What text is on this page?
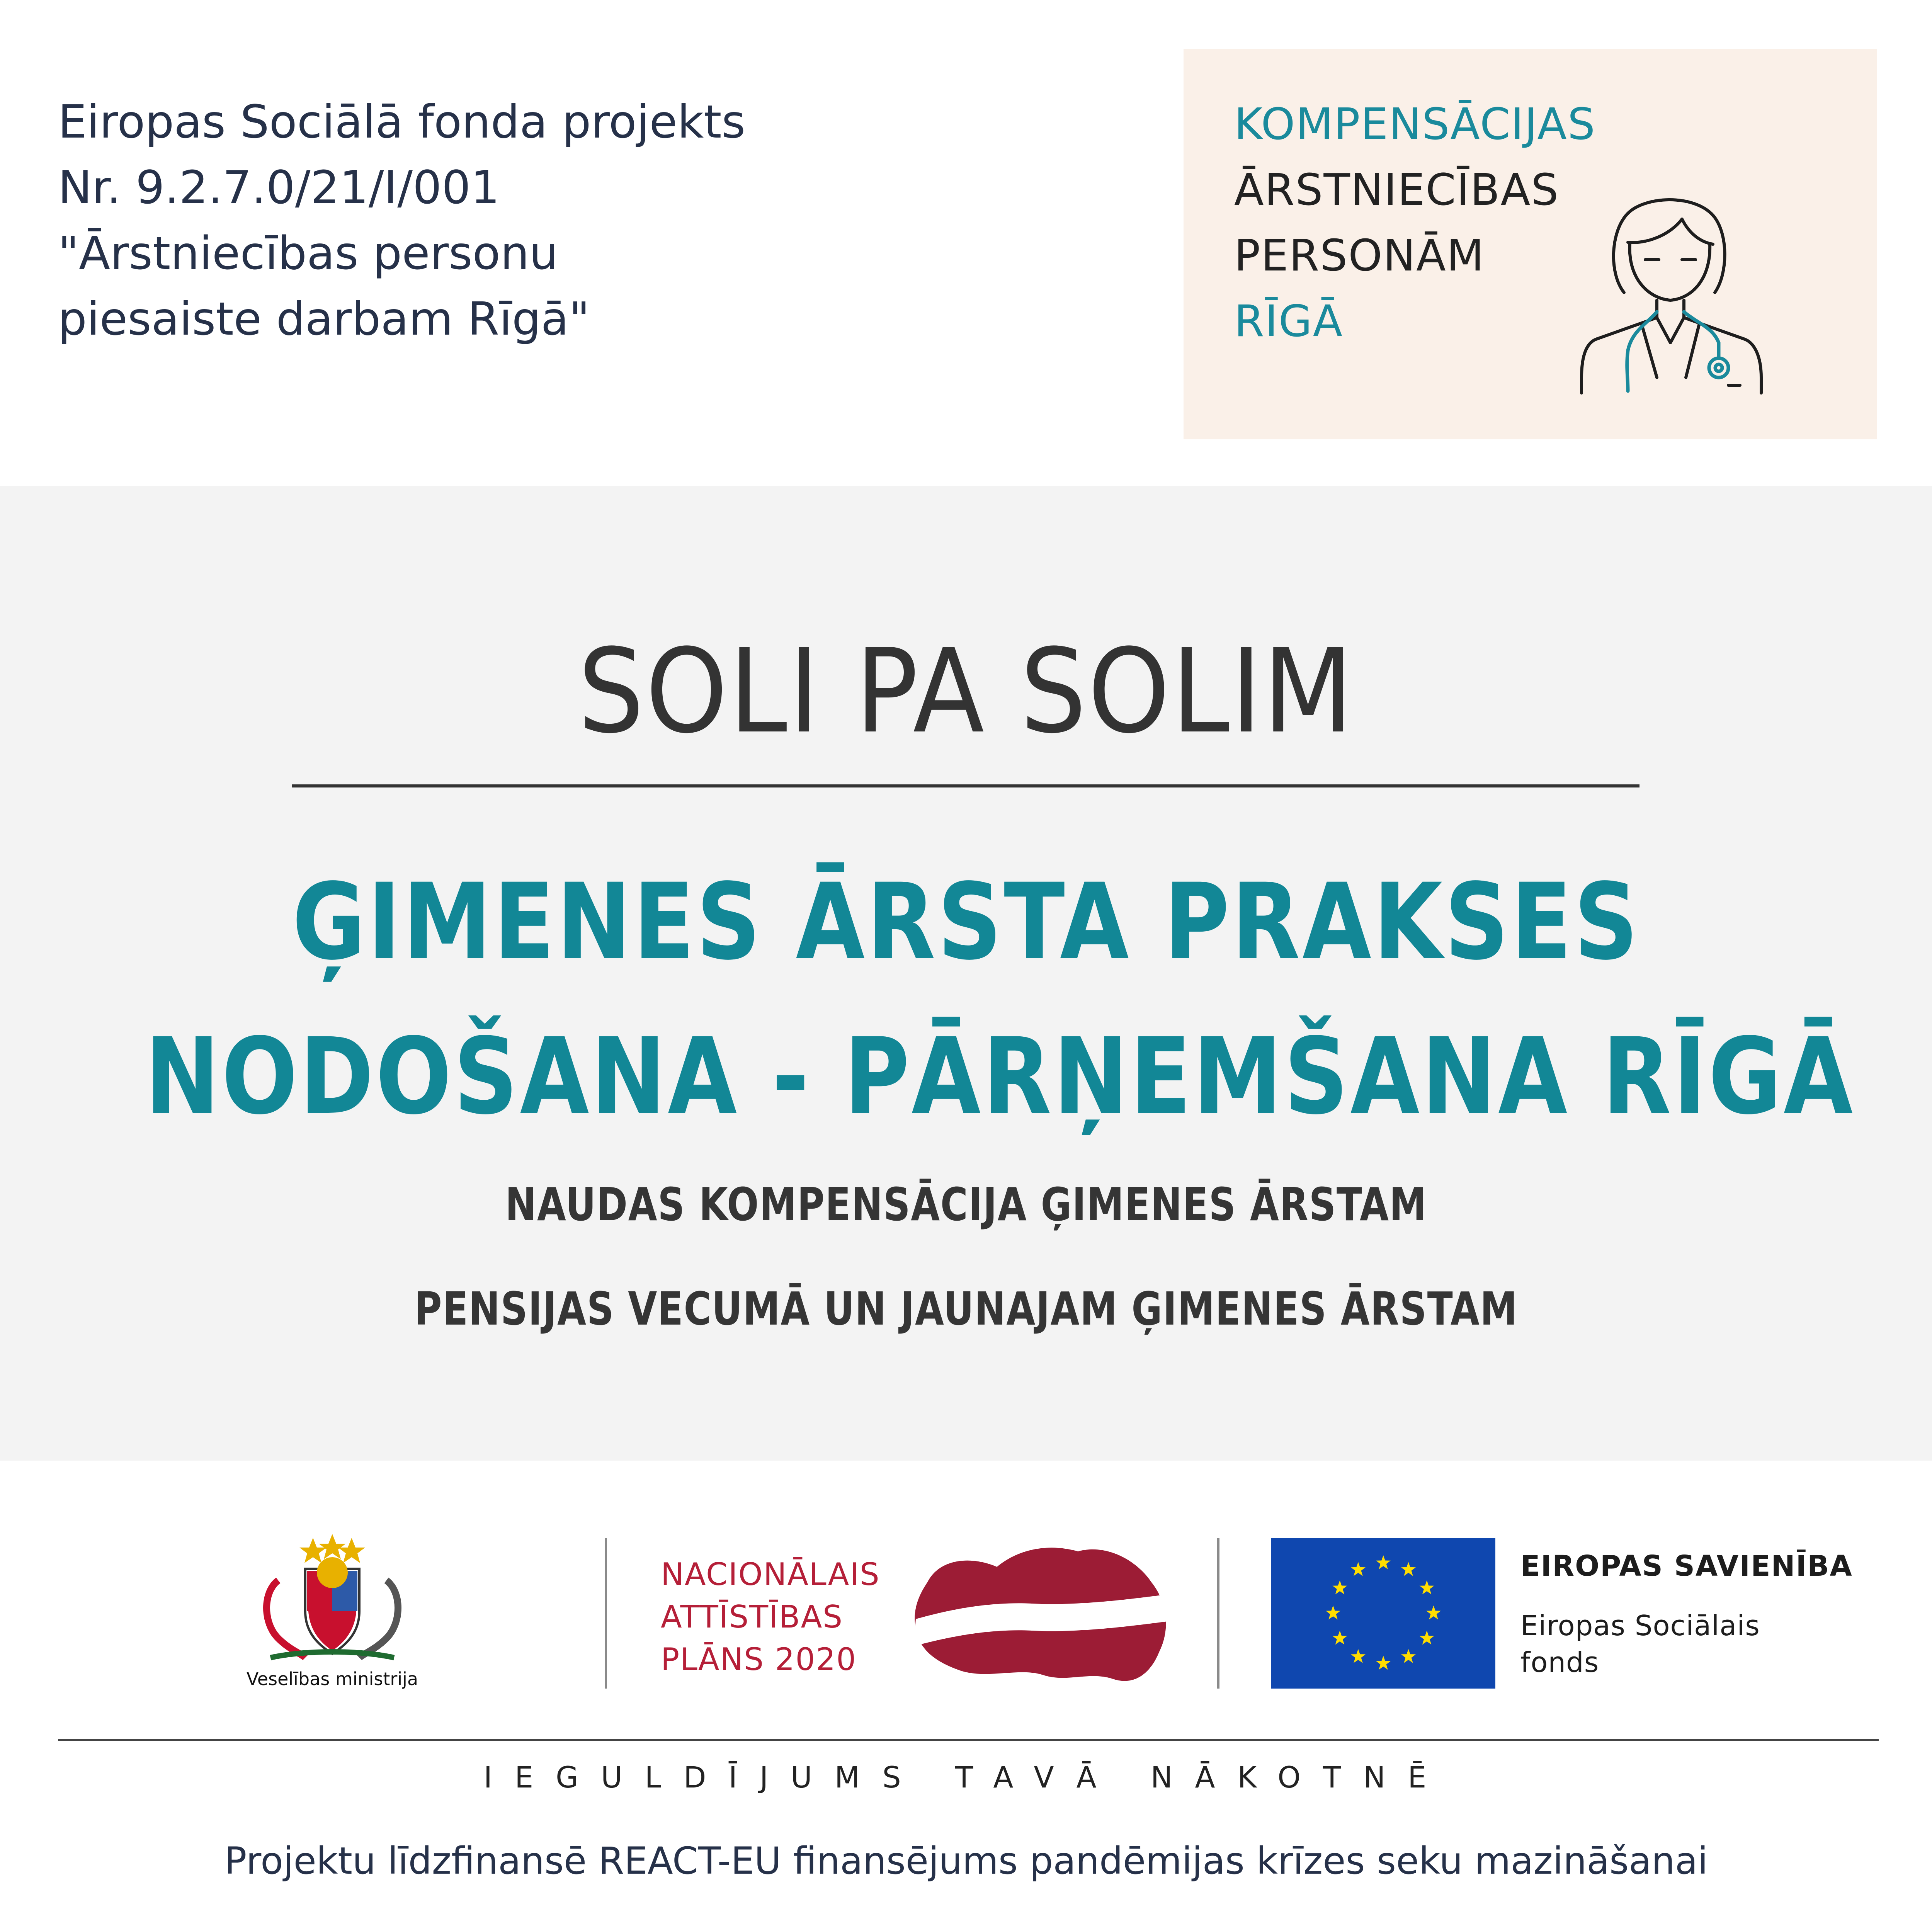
Eiropas Sociālā fonda projekts
Nr. 9.2.7.0/21/I/001
"Ārstniecības personu
piesaiste darbam Rīgā"
KOMPENSĀCIJAS
ĀRSTNIECĪBAS
PERSONĀM
RĪGĀ
SOLI PA SOLIM
ĢIMENES ĀRSTA PRAKSES
NODOŠANA - PĀRŅEMŠANA RĪGĀ
NAUDAS KOMPENSĀCIJA ĢIMENES ĀRSTAM
PENSIJAS VECUMĀ UN JAUNAJAM ĢIMENES ĀRSTAM
Veselības ministrija
NACIONĀLAIS
ATTĪSTĪBAS
PLĀNS 2020
EIROPAS SAVIENĪBA
Eiropas Sociālais
fonds
IEGULDĪJUMS TAVĀ NĀKOTNĒ
Projektu līdzfinansē REACT-EU finansējums pandēmijas krīzes seku mazināšanai
